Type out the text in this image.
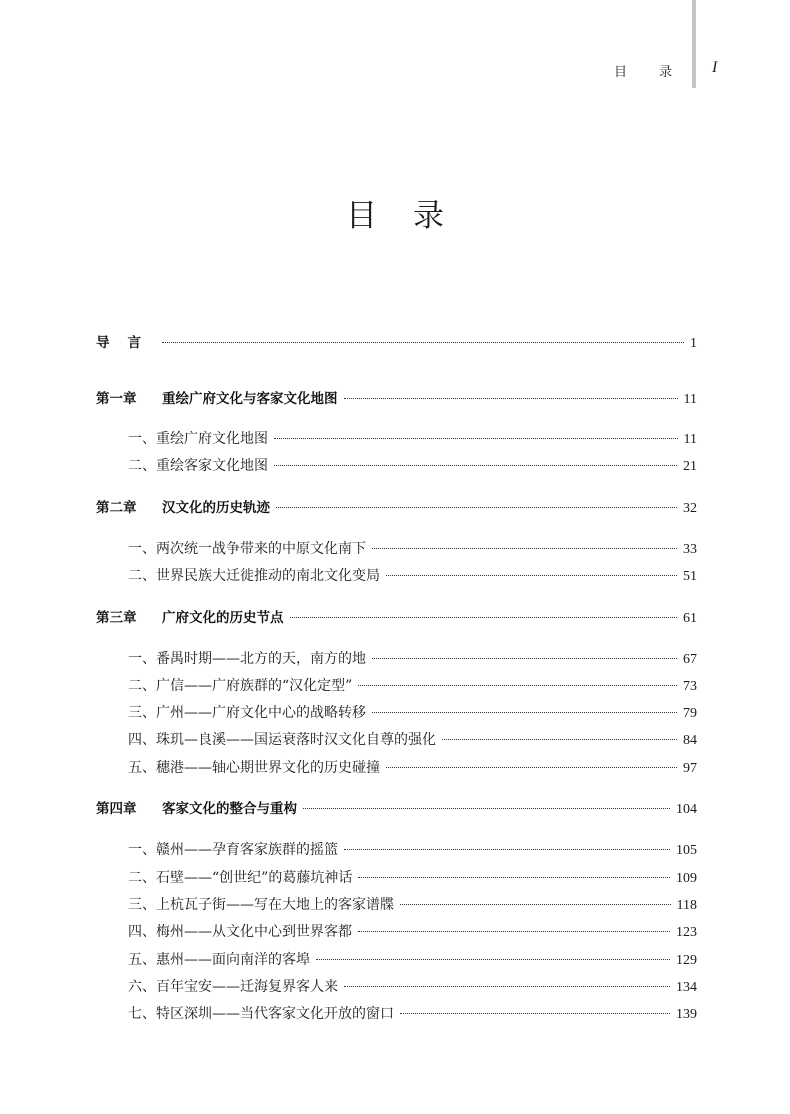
目 录 I
目录
导言	1
第一章	重绘广府文化与客家文化地图	11
一、重绘广府文化地图	11
二、重绘客家文化地图	21
第二章	汉文化的历史轨迹	32
一、两次统一战争带来的中原文化南下	33
二、世界民族大迁徙推动的南北文化变局	51
第三章	广府文化的历史节点	61
一、番禺时期——北方的天，南方的地	67
二、广信——广府族群的“汉化定型”	73
三、广州——广府文化中心的战略转移	79
四、珠玑—良溪——国运衰落时汉文化自尊的强化	84
五、穗港——轴心期世界文化的历史碰撞	97
第四章	客家文化的整合与重构	104
一、赣州——孕育客家族群的摇篮	105
二、石壁——“创世纪”的葛藤坑神话	109
三、上杭瓦子街——写在大地上的客家谱牒	118
四、梅州——从文化中心到世界客都	123
五、惠州——面向南洋的客埠	129
六、百年宝安——迁海复界客人来	134
七、特区深圳——当代客家文化开放的窗口	139
